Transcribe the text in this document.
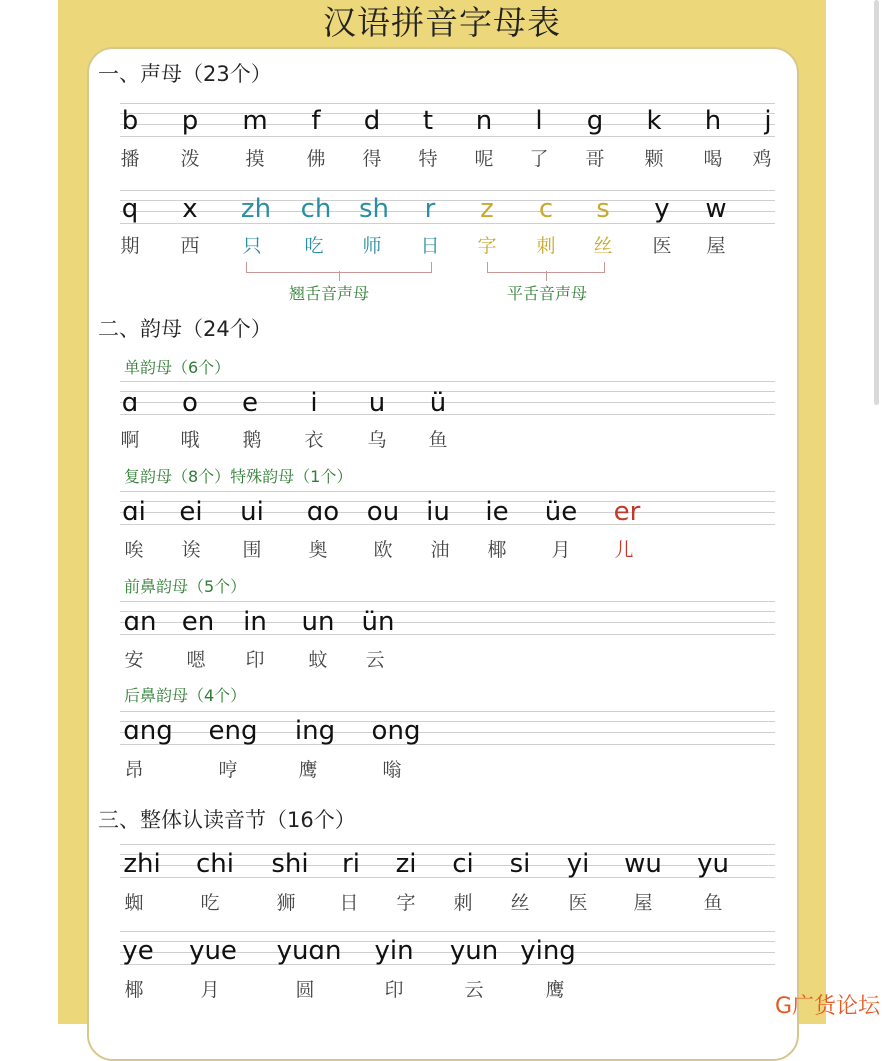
汉语拼音字母表
一、声母（23个）
b p m f d t n l g k h j
播 泼 摸 佛 得 特 呢 了 哥 颗 喝 鸡
q x zh ch sh r z c s y w
期 西 只 吃 师 日 字 刺 丝 医 屋
翘舌音声母	平舌音声母
二、韵母（24个）
单韵母（6个）
ɑ o e i u ü
啊 哦 鹅 衣 乌 鱼
复韵母（8个）特殊韵母（1个）
ɑi ei ui ɑo ou iu ie üe er
唉 诶 围 奥 欧 油 椰 月 儿
前鼻韵母（5个）
ɑn en in un ün
安 嗯 印 蚊 云
后鼻韵母（4个）
ɑng eng ing ong
昂	哼	鹰	嗡
三、整体认读音节（16个）
zhi chi shi ri zi ci si yi wu yu
蜘	吃	狮 日 字 刺 丝 医 屋	鱼
ye yue yuɑn yin yun ying
椰	月	圆	印	云	鹰
G广货论坛
